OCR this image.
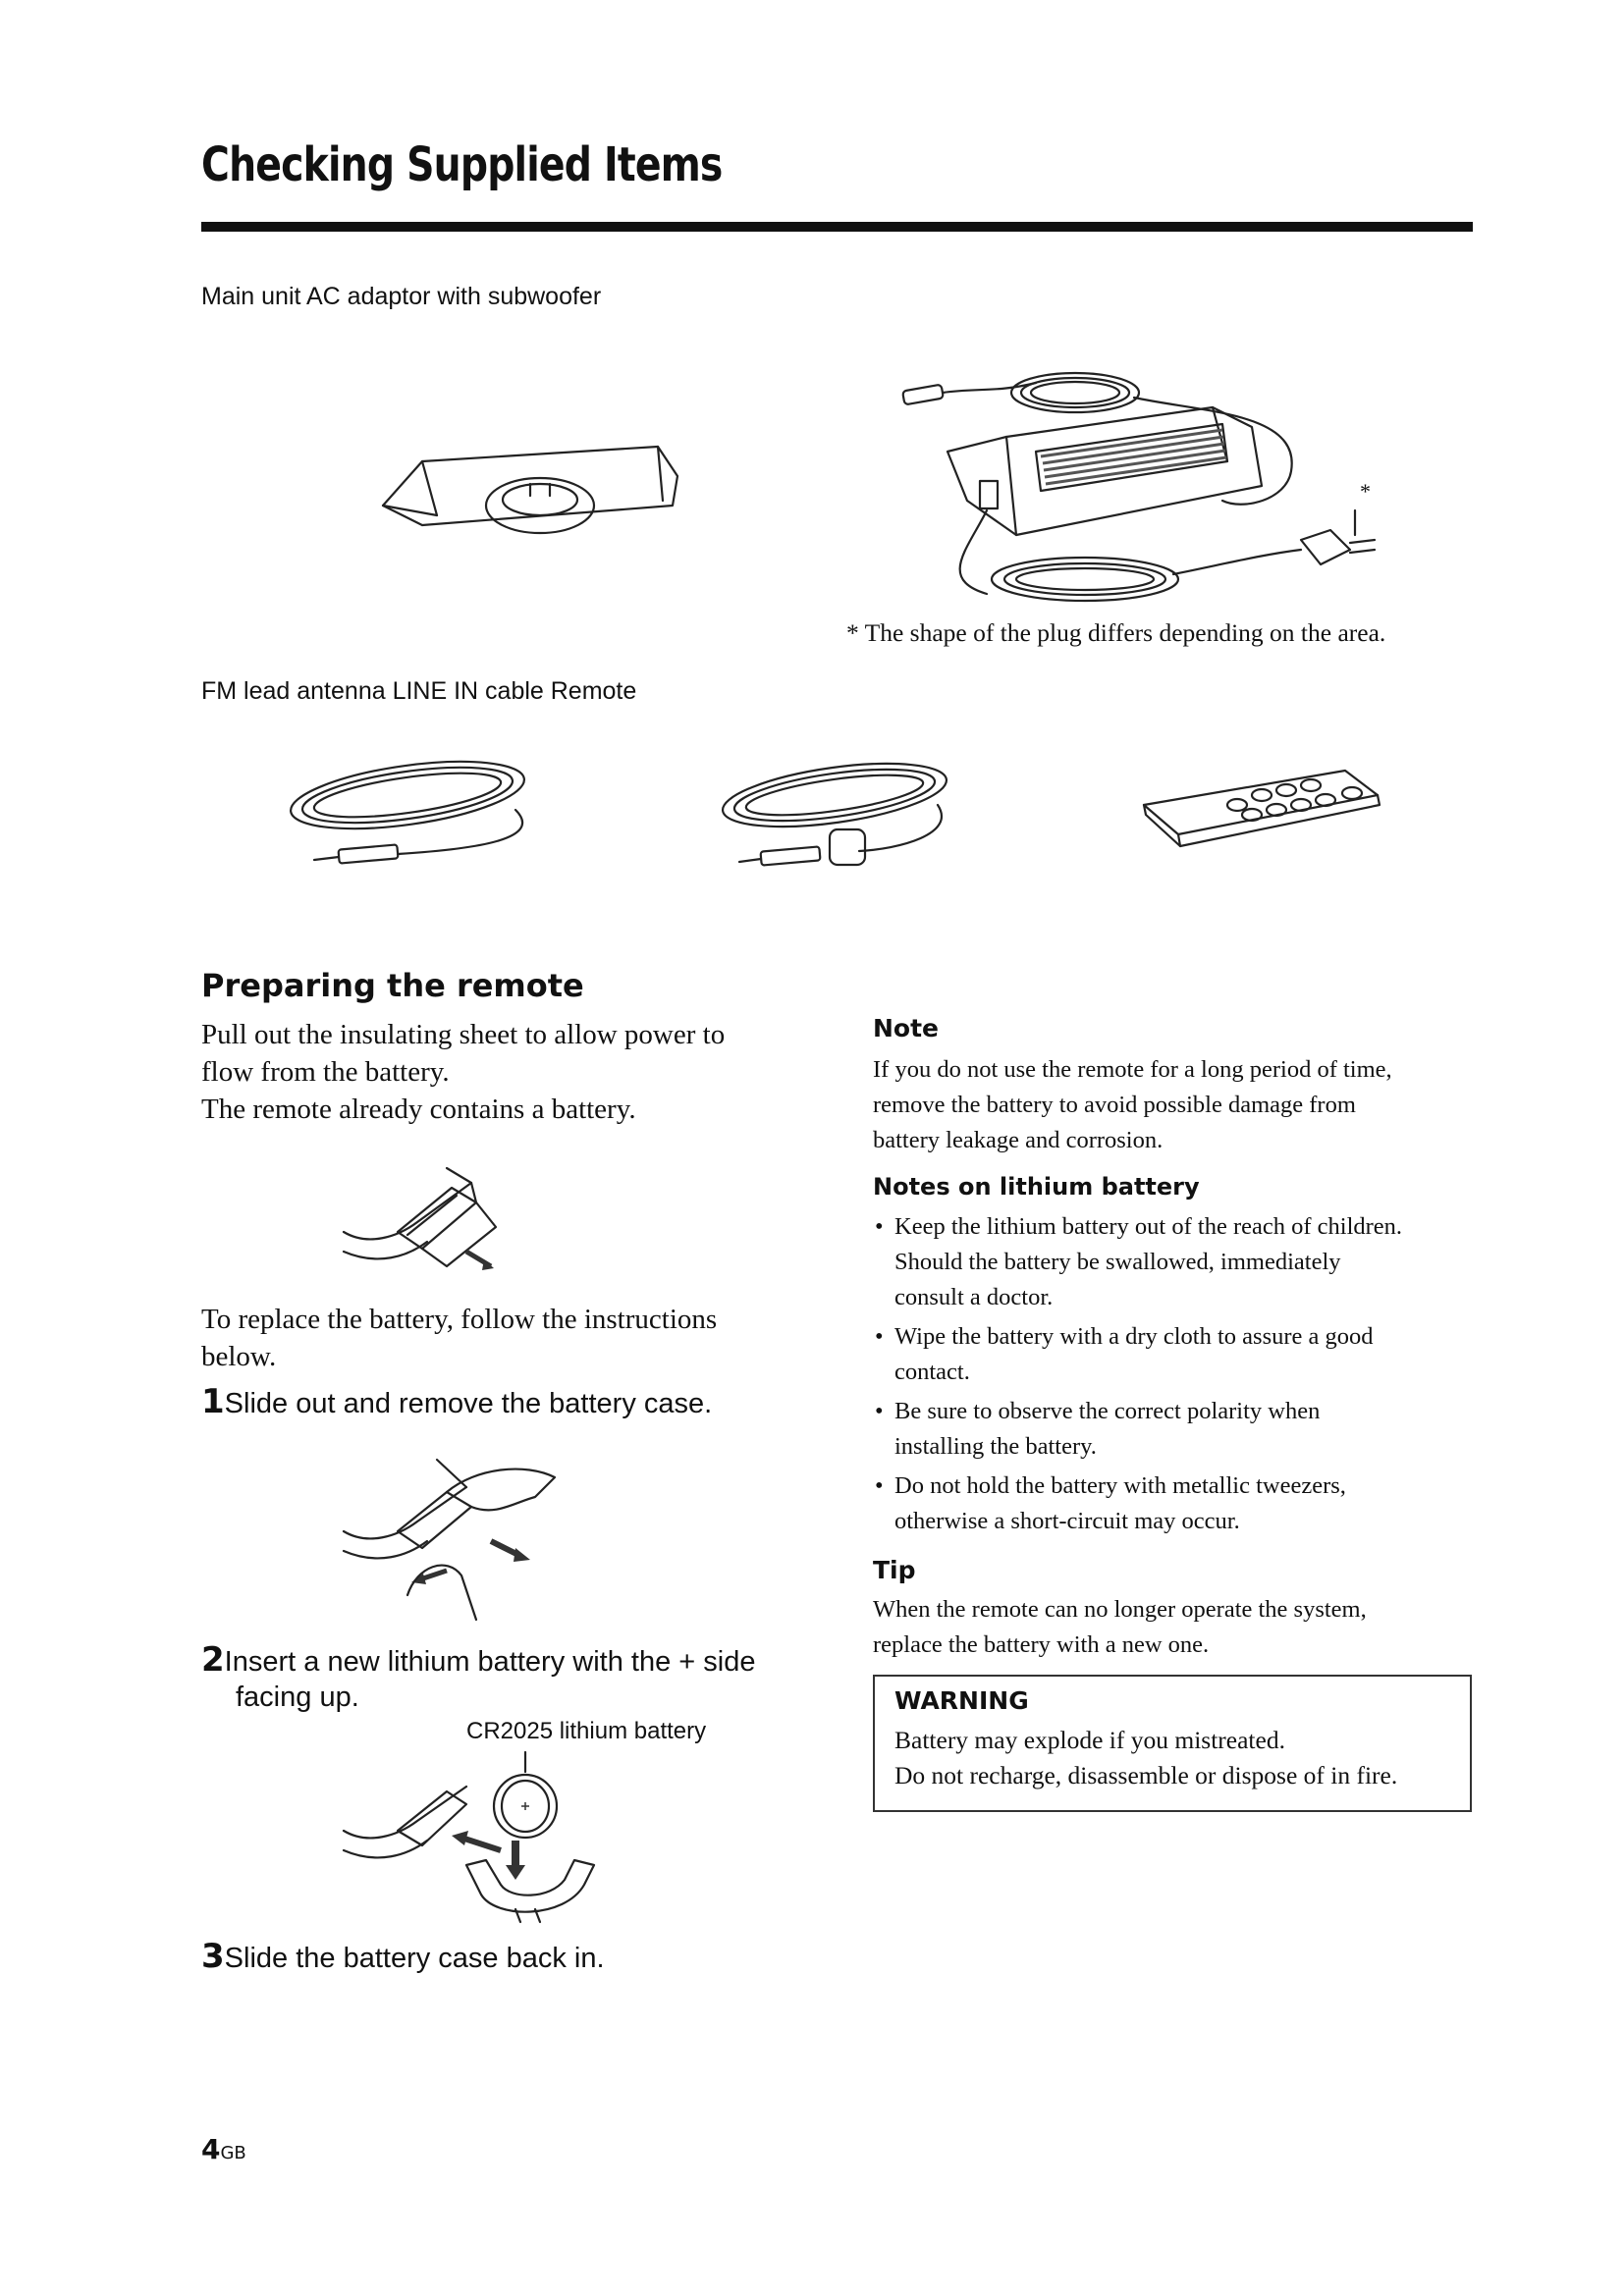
Checking Supplied Items
Main unit AC adaptor with subwoofer
*
* The shape of the plug differs depending on the area.
FM lead antenna LINE IN cable Remote
Preparing the remote
Pull out the insulating sheet to allow power to
flow from the battery.
The remote already contains a battery.
To replace the battery, follow the instructions
below.
1Slide out and remove the battery case.
2Insert a new lithium battery with the + side
facing up.
CR2025 lithium battery
3Slide the battery case back in.
Note
If you do not use the remote for a long period of time,
remove the battery to avoid possible damage from
battery leakage and corrosion.
Notes on lithium battery
• Keep the lithium battery out of the reach of children.
Should the battery be swallowed, immediately
consult a doctor.
• Wipe the battery with a dry cloth to assure a good
contact.
• Be sure to observe the correct polarity when
installing the battery.
• Do not hold the battery with metallic tweezers,
otherwise a short-circuit may occur.
Tip
When the remote can no longer operate the system,
replace the battery with a new one.
WARNING
Battery may explode if you mistreated.
Do not recharge, disassemble or dispose of in fire.
4GB
